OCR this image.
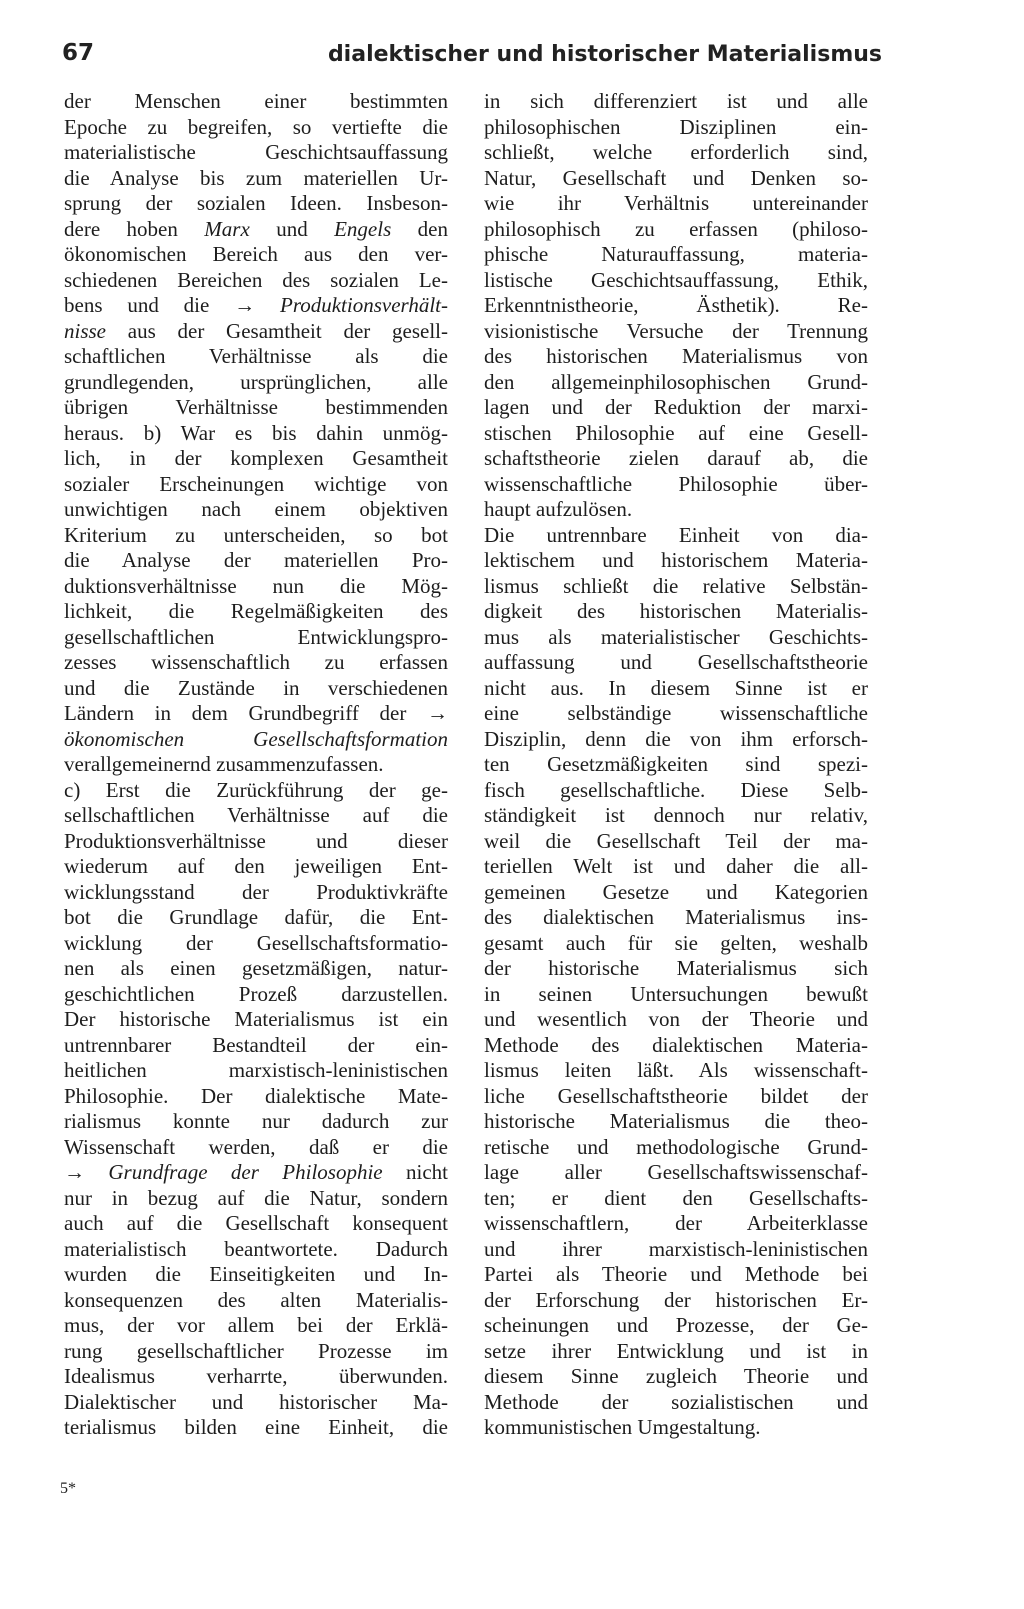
67	dialektischer und historischer Materialismus
der Menschen einer bestimmten
Epoche zu begreifen, so vertiefte die
materialistische Geschichtsauffassung
die Analyse bis zum materiellen Ur-
sprung der sozialen Ideen. Insbeson-
dere hoben Marx und Engels den
ökonomischen Bereich aus den ver-
schiedenen Bereichen des sozialen Le-
bens und die → Produktionsverhält-
nisse aus der Gesamtheit der gesell-
schaftlichen Verhältnisse als die
grundlegenden, ursprünglichen, alle
übrigen Verhältnisse bestimmenden
heraus. b) War es bis dahin unmög-
lich, in der komplexen Gesamtheit
sozialer Erscheinungen wichtige von
unwichtigen nach einem objektiven
Kriterium zu unterscheiden, so bot
die Analyse der materiellen Pro-
duktionsverhältnisse nun die Mög-
lichkeit, die Regelmäßigkeiten des
gesellschaftlichen Entwicklungspro-
zesses wissenschaftlich zu erfassen
und die Zustände in verschiedenen
Ländern in dem Grundbegriff der →
ökonomischen Gesellschaftsformation
verallgemeinernd zusammenzufassen.
c) Erst die Zurückführung der ge-
sellschaftlichen Verhältnisse auf die
Produktionsverhältnisse und dieser
wiederum auf den jeweiligen Ent-
wicklungsstand der Produktivkräfte
bot die Grundlage dafür, die Ent-
wicklung der Gesellschaftsformatio-
nen als einen gesetzmäßigen, natur-
geschichtlichen Prozeß darzustellen.
Der historische Materialismus ist ein
untrennbarer Bestandteil der ein-
heitlichen marxistisch-leninistischen
Philosophie. Der dialektische Mate-
rialismus konnte nur dadurch zur
Wissenschaft werden, daß er die
→ Grundfrage der Philosophie nicht
nur in bezug auf die Natur, sondern
auch auf die Gesellschaft konsequent
materialistisch beantwortete. Dadurch
wurden die Einseitigkeiten und In-
konsequenzen des alten Materialis-
mus, der vor allem bei der Erklä-
rung gesellschaftlicher Prozesse im
Idealismus verharrte, überwunden.
Dialektischer und historischer Ma-
terialismus bilden eine Einheit, die
in sich differenziert ist und alle
philosophischen Disziplinen ein-
schließt, welche erforderlich sind,
Natur, Gesellschaft und Denken so-
wie ihr Verhältnis untereinander
philosophisch zu erfassen (philoso-
phische Naturauffassung, materia-
listische Geschichtsauffassung, Ethik,
Erkenntnistheorie, Ästhetik). Re-
visionistische Versuche der Trennung
des historischen Materialismus von
den allgemeinphilosophischen Grund-
lagen und der Reduktion der marxi-
stischen Philosophie auf eine Gesell-
schaftstheorie zielen darauf ab, die
wissenschaftliche Philosophie über-
haupt aufzulösen.
Die untrennbare Einheit von dia-
lektischem und historischem Materia-
lismus schließt die relative Selbstän-
digkeit des historischen Materialis-
mus als materialistischer Geschichts-
auffassung und Gesellschaftstheorie
nicht aus. In diesem Sinne ist er
eine selbständige wissenschaftliche
Disziplin, denn die von ihm erforsch-
ten Gesetzmäßigkeiten sind spezi-
fisch gesellschaftliche. Diese Selb-
ständigkeit ist dennoch nur relativ,
weil die Gesellschaft Teil der ma-
teriellen Welt ist und daher die all-
gemeinen Gesetze und Kategorien
des dialektischen Materialismus ins-
gesamt auch für sie gelten, weshalb
der historische Materialismus sich
in seinen Untersuchungen bewußt
und wesentlich von der Theorie und
Methode des dialektischen Materia-
lismus leiten läßt. Als wissenschaft-
liche Gesellschaftstheorie bildet der
historische Materialismus die theo-
retische und methodologische Grund-
lage aller Gesellschaftswissenschaf-
ten; er dient den Gesellschafts-
wissenschaftlern, der Arbeiterklasse
und ihrer marxistisch-leninistischen
Partei als Theorie und Methode bei
der Erforschung der historischen Er-
scheinungen und Prozesse, der Ge-
setze ihrer Entwicklung und ist in
diesem Sinne zugleich Theorie und
Methode der sozialistischen und
kommunistischen Umgestaltung.
5*
